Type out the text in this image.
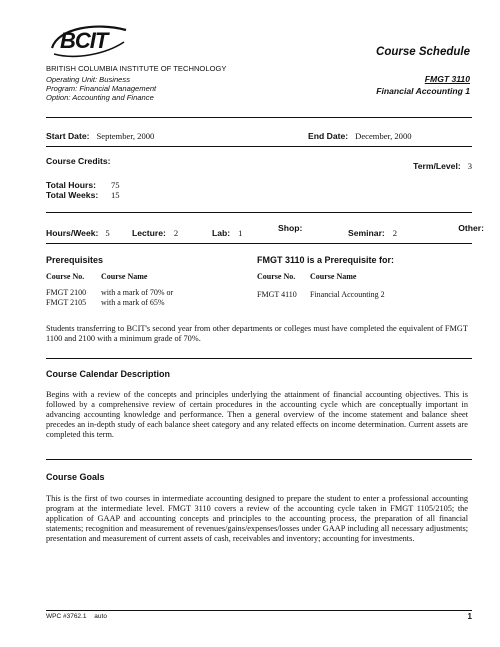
BCIT
BRITISH COLUMBIA INSTITUTE OF TECHNOLOGY
Operating Unit: Business
Program: Financial Management
Option: Accounting and Finance
Course Schedule
FMGT 3110
Financial Accounting 1
Start Date: September, 2000	End Date: December, 2000
Course Credits:	Term/Level: 3
Total Hours: 75
Total Weeks: 15
Hours/Week: 5	Lecture: 2	Lab: 1	Shop:	Seminar: 2	Other:
Prerequisites
Course No. Course Name
FMGT 2100 with a mark of 70% or
FMGT 2105 with a mark of 65%
FMGT 3110 is a Prerequisite for:
Course No. Course Name
FMGT 4110 Financial Accounting 2
Students transferring to BCIT's second year from other departments or colleges must have completed the equivalent of FMGT 1100 and 2100 with a minimum grade of 70%.
Course Calendar Description
Begins with a review of the concepts and principles underlying the attainment of financial accounting objectives. This is followed by a comprehensive review of certain procedures in the accounting cycle which are conceptually important in advancing accounting knowledge and performance. Then a general overview of the income statement and balance sheet precedes an in-depth study of each balance sheet category and any related effects on income determination. Current assets are completed this term.
Course Goals
This is the first of two courses in intermediate accounting designed to prepare the student to enter a professional accounting program at the intermediate level. FMGT 3110 covers a review of the accounting cycle taken in FMGT 1105/2105; the application of GAAP and accounting concepts and principles to the accounting process, the preparation of all financial statements; recognition and measurement of revenues/gains/expenses/losses under GAAP including all necessary adjustments; presentation and measurement of current assets of cash, receivables and inventory; accounting for investments.
WPC #3762.1 auto	1
